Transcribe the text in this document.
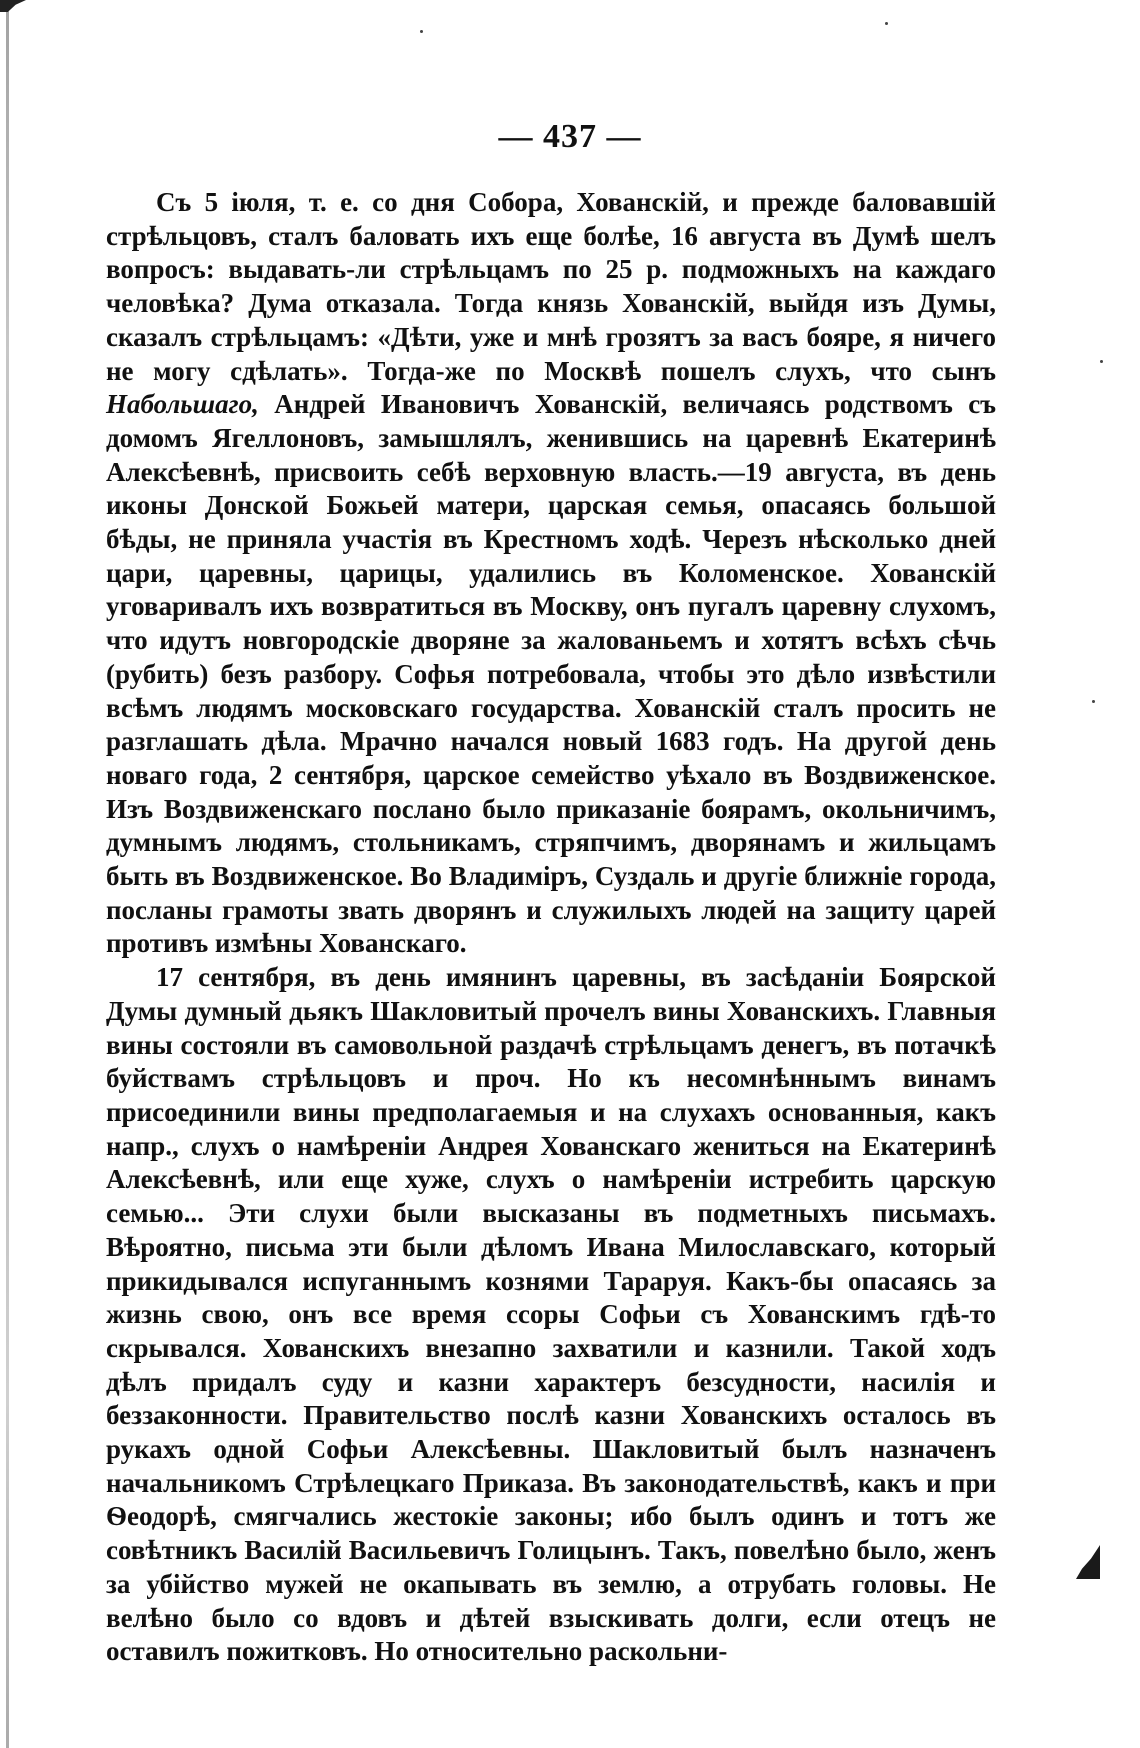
— 437 —

Съ 5 іюля, т. е. со дня Собора, Хованскій, и прежде баловавшій стрѣльцовъ, сталъ баловать ихъ еще болѣе, 16 августа въ Думѣ шелъ вопросъ: выдавать-ли стрѣльцамъ по 25 р. подможныхъ на каждаго человѣка? Дума отказала. Тогда князь Хованскій, выйдя изъ Думы, сказалъ стрѣльцамъ: «Дѣти, уже и мнѣ грозятъ за васъ бояре, я ничего не могу сдѣлать». Тогда-же по Москвѣ пошелъ слухъ, что сынъ Набольшаго, Андрей Ивановичъ Хованскій, величаясь родствомъ съ домомъ Ягеллоновъ, замышлялъ, женившись на царевнѣ Екатеринѣ Алексѣевнѣ, присвоить себѣ верховную власть.—19 августа, въ день иконы Донской Божьей матери, царская семья, опасаясь большой бѣды, не приняла участія въ Крестномъ ходѣ. Черезъ нѣсколько дней цари, царевны, царицы, удалились въ Коломенское. Хованскій уговаривалъ ихъ возвратиться въ Москву, онъ пугалъ царевну слухомъ, что идутъ новгородскіе дворяне за жалованьемъ и хотятъ всѣхъ сѣчь (рубить) безъ разбору. Софья потребовала, чтобы это дѣло извѣстили всѣмъ людямъ московскаго государства. Хованскій сталъ просить не разглашать дѣла. Мрачно начался новый 1683 годъ. На другой день новаго года, 2 сентября, царское семейство уѣхало въ Воздвиженское. Изъ Воздвиженскаго послано было приказаніе боярамъ, окольничимъ, думнымъ людямъ, стольникамъ, стряпчимъ, дворянамъ и жильцамъ быть въ Воздвиженское. Во Владиміръ, Суздаль и другіе ближніе города, посланы грамоты звать дворянъ и служилыхъ людей на защиту царей противъ измѣны Хованскаго.

17 сентября, въ день имянинъ царевны, въ засѣданіи Боярской Думы думный дьякъ Шакловитый прочелъ вины Хованскихъ. Главныя вины состояли въ самовольной раздачѣ стрѣльцамъ денегъ, въ потачкѣ буйствамъ стрѣльцовъ и проч. Но къ несомнѣннымъ винамъ присоединили вины предполагаемыя и на слухахъ основанныя, какъ напр., слухъ о намѣреніи Андрея Хованскаго жениться на Екатеринѣ Алексѣевнѣ, или еще хуже, слухъ о намѣреніи истребить царскую семью... Эти слухи были высказаны въ подметныхъ письмахъ. Вѣроятно, письма эти были дѣломъ Ивана Милославскаго, который прикидывался испуганнымъ кознями Тараруя. Какъ-бы опасаясь за жизнь свою, онъ все время ссоры Софьи съ Хованскимъ гдѣ-то скрывался. Хованскихъ внезапно захватили и казнили. Такой ходъ дѣлъ придалъ суду и казни характеръ безсудности, насилія и беззаконности. Правительство послѣ казни Хованскихъ осталось въ рукахъ одной Софьи Алексѣевны. Шакловитый былъ назначенъ начальникомъ Стрѣлецкаго Приказа. Въ законодательствѣ, какъ и при Ѳеодорѣ, смягчались жестокіе законы; ибо былъ одинъ и тотъ же совѣтникъ Василій Васильевичъ Голицынъ. Такъ, повелѣно было, женъ за убійство мужей не окапывать въ землю, а отрубать головы. Не велѣно было со вдовъ и дѣтей взыскивать долги, если отецъ не оставилъ пожитковъ. Но относительно раскольни-
